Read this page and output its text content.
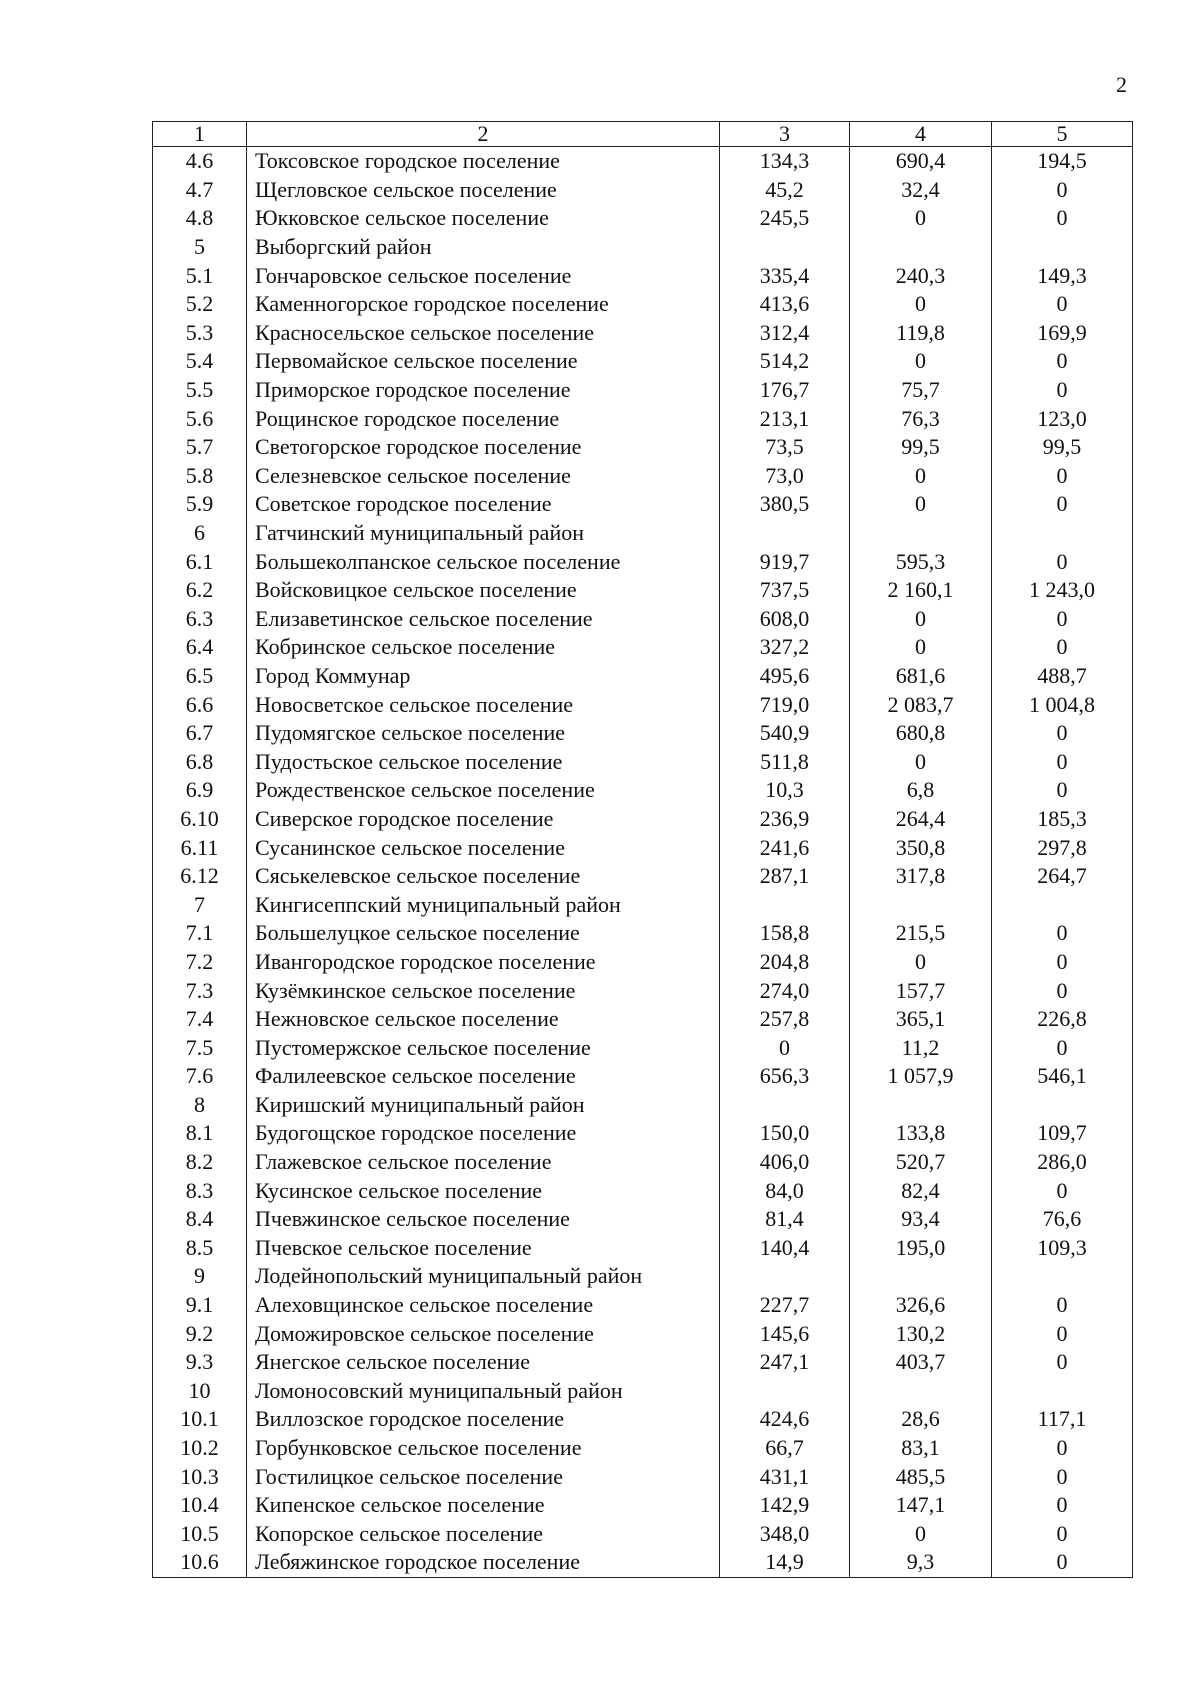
2
1	2	3	4	5
4.6	Токсовское городское поселение	134,3	690,4	194,5
4.7	Щегловское сельское поселение	45,2	32,4	0
4.8	Юкковское сельское поселение	245,5	0	0
5	Выборгский район			
5.1	Гончаровское сельское поселение	335,4	240,3	149,3
5.2	Каменногорское городское поселение	413,6	0	0
5.3	Красносельское сельское поселение	312,4	119,8	169,9
5.4	Первомайское сельское поселение	514,2	0	0
5.5	Приморское городское поселение	176,7	75,7	0
5.6	Рощинское городское поселение	213,1	76,3	123,0
5.7	Светогорское городское поселение	73,5	99,5	99,5
5.8	Селезневское сельское поселение	73,0	0	0
5.9	Советское городское поселение	380,5	0	0
6	Гатчинский муниципальный район			
6.1	Большеколпанское сельское поселение	919,7	595,3	0
6.2	Войсковицкое сельское поселение	737,5	2 160,1	1 243,0
6.3	Елизаветинское сельское поселение	608,0	0	0
6.4	Кобринское сельское поселение	327,2	0	0
6.5	Город Коммунар	495,6	681,6	488,7
6.6	Новосветское сельское поселение	719,0	2 083,7	1 004,8
6.7	Пудомягское сельское поселение	540,9	680,8	0
6.8	Пудостьское сельское поселение	511,8	0	0
6.9	Рождественское сельское поселение	10,3	6,8	0
6.10	Сиверское городское поселение	236,9	264,4	185,3
6.11	Сусанинское сельское поселение	241,6	350,8	297,8
6.12	Сяськелевское сельское поселение	287,1	317,8	264,7
7	Кингисеппский муниципальный район			
7.1	Большелуцкое сельское поселение	158,8	215,5	0
7.2	Ивангородское городское поселение	204,8	0	0
7.3	Кузёмкинское сельское поселение	274,0	157,7	0
7.4	Нежновское сельское поселение	257,8	365,1	226,8
7.5	Пустомержское сельское поселение	0	11,2	0
7.6	Фалилеевское сельское поселение	656,3	1 057,9	546,1
8	Киришский муниципальный район			
8.1	Будогощское городское поселение	150,0	133,8	109,7
8.2	Глажевское сельское поселение	406,0	520,7	286,0
8.3	Кусинское сельское поселение	84,0	82,4	0
8.4	Пчевжинское сельское поселение	81,4	93,4	76,6
8.5	Пчевское сельское поселение	140,4	195,0	109,3
9	Лодейнопольский муниципальный район			
9.1	Алеховщинское сельское поселение	227,7	326,6	0
9.2	Доможировское сельское поселение	145,6	130,2	0
9.3	Янегское сельское поселение	247,1	403,7	0
10	Ломоносовский муниципальный район			
10.1	Виллозское городское поселение	424,6	28,6	117,1
10.2	Горбунковское сельское поселение	66,7	83,1	0
10.3	Гостилицкое сельское поселение	431,1	485,5	0
10.4	Кипенское сельское поселение	142,9	147,1	0
10.5	Копорское сельское поселение	348,0	0	0
10.6	Лебяжинское городское поселение	14,9	9,3	0
